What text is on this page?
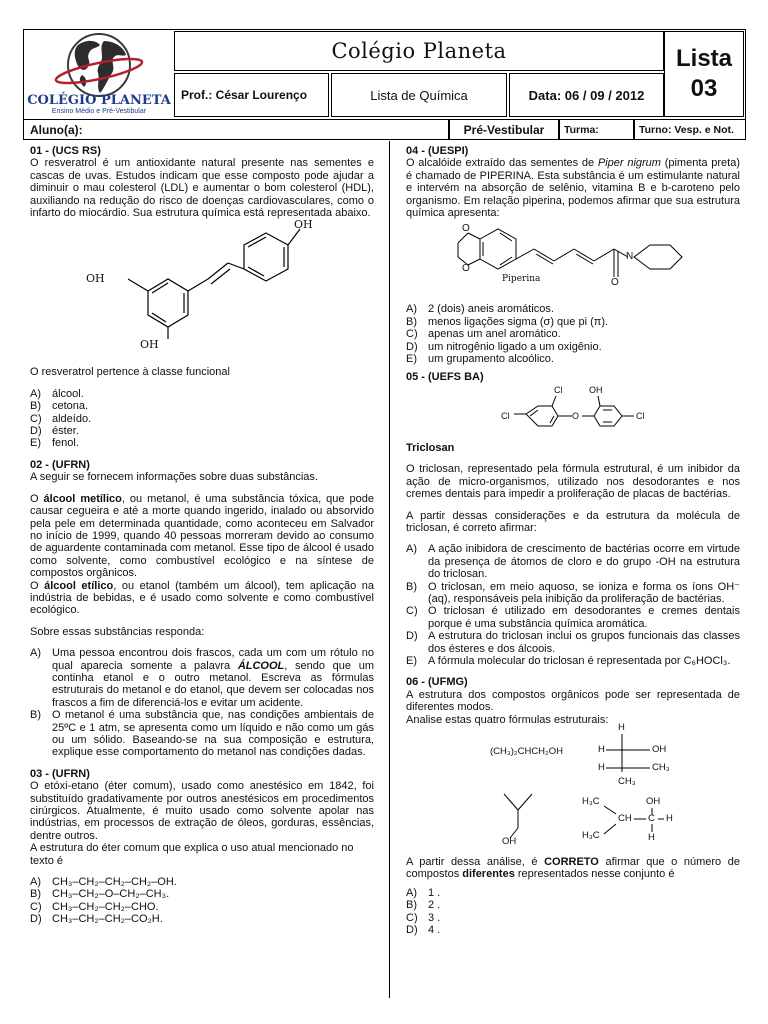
COLÉGIO PLANETA
Ensino Médio e Pré-Vestibular
Colégio Planeta	Lista
03
Prof.: César Lourenço	Lista de Química	Data: 06 / 09 / 2012
Aluno(a):	Pré-Vestibular	Turma:	Turno: Vesp. e Not.

01 - (UCS RS)

O resveratrol é um antioxidante natural presente nas sementes e cascas de uvas. Estudos indicam que esse composto pode ajudar a diminuir o mau colesterol (LDL) e aumentar o bom colesterol (HDL), auxiliando na redução do risco de doenças cardiovasculares, como o infarto do miocárdio. Sua estrutura química está representada abaixo.

OH
OH
OH

O resveratrol pertence à classe funcional

A)	álcool.
B)	cetona.
C) aldeído.
D) éster.
E)	fenol.

02 - (UFRN)

A seguir se fornecem informações sobre duas substâncias.

O álcool metílico, ou metanol, é uma substância tóxica, que pode causar cegueira e até a morte quando ingerido, inalado ou absorvido pela pele em determinada quantidade, como aconteceu em Salvador no início de 1999, quando 40 pessoas morreram devido ao consumo de aguardente contaminada com metanol. Esse tipo de álcool é usado como solvente, como combustível ecológico e na síntese de compostos orgânicos.

O álcool etílico, ou etanol (também um álcool), tem aplicação na indústria de bebidas, e é usado como solvente e como combustível ecológico.

Sobre essas substâncias responda:

A)	Uma pessoa encontrou dois frascos, cada um com um rótulo no qual aparecia somente a palavra ÁLCOOL, sendo que um continha etanol e o outro metanol. Escreva as fórmulas estruturais do metanol e do etanol, que devem ser colocadas nos frascos a fim de diferenciá-los e evitar um acidente.
B)	O metanol é uma substância que, nas condições ambientais de 25ºC e 1 atm, se apresenta como um líquido e não como um gás ou um sólido. Baseando-se na sua composição e estrutura, explique esse comportamento do metanol nas condições dadas.

03 - (UFRN)

O etóxi-etano (éter comum), usado como anestésico em 1842, foi substituído gradativamente por outros anestésicos em procedimentos cirúrgicos. Atualmente, é muito usado como solvente apolar nas indústrias, em processos de extração de óleos, gorduras, essências, dentre outros.

A estrutura do éter comum que explica o uso atual mencionado no texto é

A)	CH₃–CH₂–CH₂–CH₂–OH.
B)	CH₃–CH₂–O–CH₂–CH₃.
C) CH₃–CH₂–CH₂–CHO.
D) CH₃–CH₂–CH₂–CO₂H.

04 - (UESPI)

O alcalóide extraído das sementes de Piper nigrum (pimenta preta) é chamado de PIPERINA. Esta substância é um estimulante natural e intervém na absorção de selênio, vitamina B e b-caroteno pelo organismo. Em relação piperina, podemos afirmar que sua estrutura química apresenta:

O
O
N
O
Piperina
A)	2 (dois) aneis aromáticos.
B)	menos ligações sigma (σ) que pi (π).
C) apenas um anel aromático.
D) um nitrogênio ligado a um oxigênio.
E)	um grupamento alcoólico.

05 - (UEFS BA)

Cl	OH
Cl	O	Cl

Triclosan

O triclosan, representado pela fórmula estrutural, é um inibidor da ação de micro-organismos, utilizado nos desodorantes e nos cremes dentais para impedir a proliferação de placas de bactérias.

A partir dessas considerações e da estrutura da molécula de triclosan, é correto afirmar:

A)	A ação inibidora de crescimento de bactérias ocorre em virtude da presença de átomos de cloro e do grupo -OH na estrutura do triclosan.
B)	O triclosan, em meio aquoso, se ioniza e forma os íons OH⁻ (aq), responsáveis pela inibição da proliferação de bactérias.
C) O triclosan é utilizado em desodorantes e cremes dentais porque é uma substância química aromática.
D) A estrutura do triclosan inclui os grupos funcionais das classes dos ésteres e dos álcoois.
E)	A fórmula molecular do triclosan é representada por C₆HOCl₃.

06 - (UFMG)

A estrutura dos compostos orgânicos pode ser representada de diferentes modos.

Analise estas quatro fórmulas estruturais:

(CH₃)₂CHCH₂OH
H
H	OH
H	CH₃
CH₃
OH
H₃C	OH
CH C H
H₃C	H

A partir dessa análise, é CORRETO afirmar que o número de compostos diferentes representados nesse conjunto é

A)	1 .
B)	2 .
C) 3 .
D) 4 .
